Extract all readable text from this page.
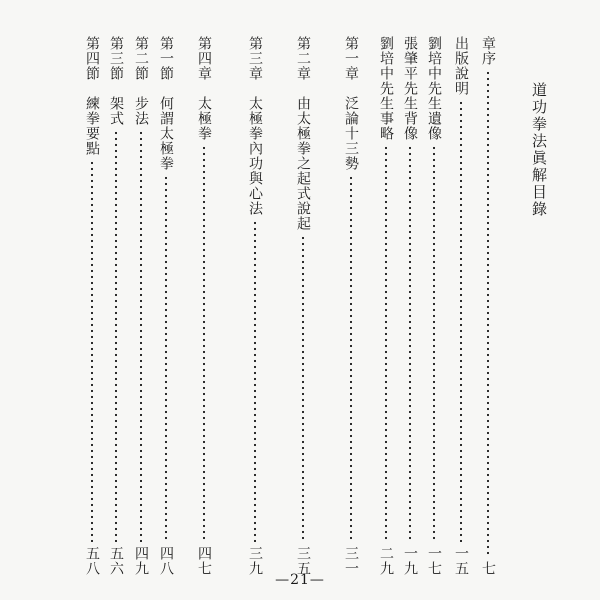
道功拳法眞解目錄
章序
七
出版說明
一五
劉培中先生遺像
一七
張肇平先生背像
一九
劉培中先生事略
二九
第一章　泛論十三勢
三一
第二章　由太極拳之起式說起
三五
第三章　太極拳內功與心法
三九
第四章　太極拳
四七
第一節　何謂太極拳
四八
第二節　步法
四九
第三節　架式
五六
第四節　練拳要點
五八
—21—
